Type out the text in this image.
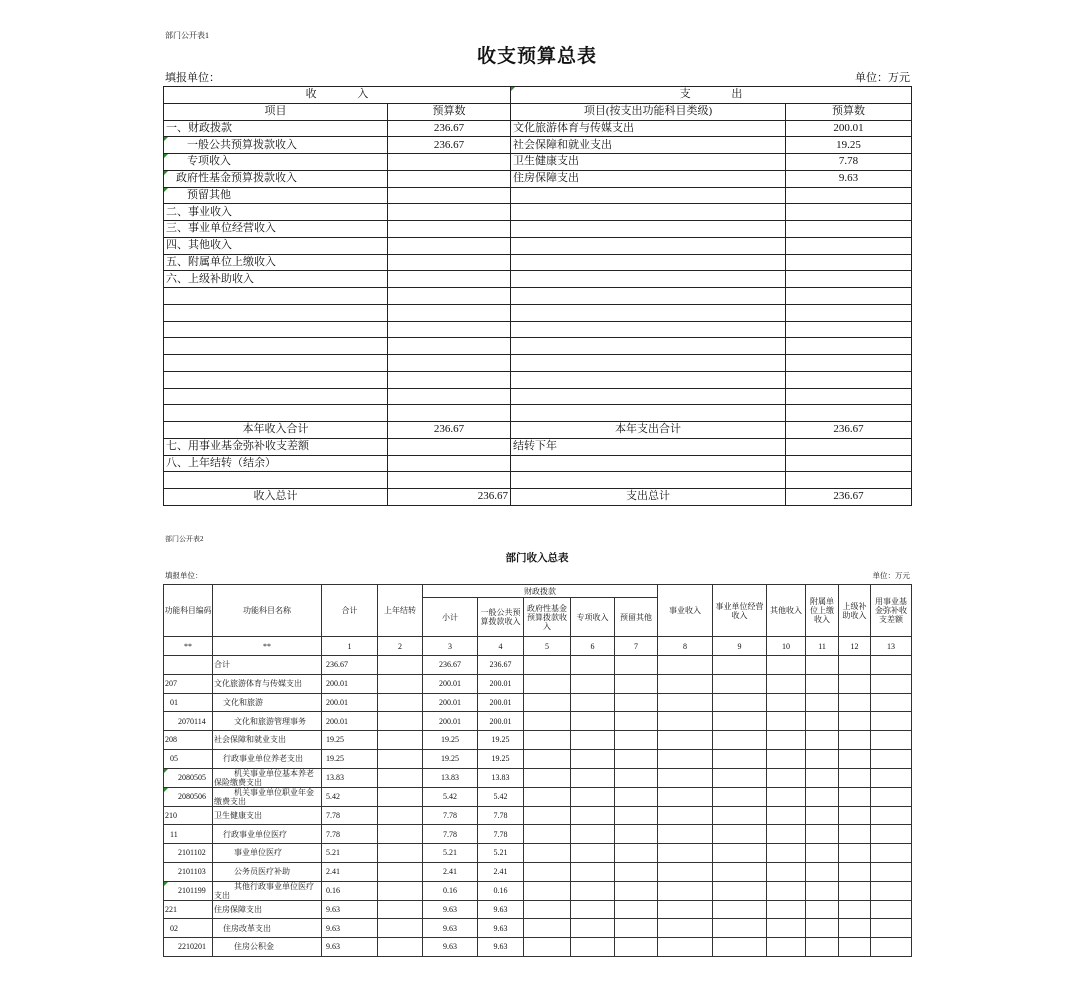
部门公开表1
收支预算总表
填报单位：	单位：万元
收 入		支 出	
项目	预算数	项目(按支出功能科目类级)	预算数
一、财政拨款	236.67	文化旅游体育与传媒支出	200.01
一般公共预算拨款收入	236.67	社会保障和就业支出	19.25
专项收入		卫生健康支出	7.78
政府性基金预算拨款收入		住房保障支出	9.63
预留其他			
二、事业收入			
三、事业单位经营收入			
四、其他收入			
五、附属单位上缴收入			
六、上级补助收入			

本年收入合计	236.67	本年支出合计	236.67
七、用事业基金弥补收支差额		结转下年	
八、上年结转（结余）			

收入总计	236.67	支出总计	236.67
部门公开表2
部门收入总表
填报单位：	单位：万元
功能科目编码	功能科目名称	合计	上年结转	财政拨款					事业收入	事业单位经营收入	其他收入	附属单位上缴收入	上级补助收入	用事业基金弥补收支差额
				小计	一般公共预算拨款收入	政府性基金预算拨款收入	专项收入	预留其他						
**	**	1	2	3	4	5	6	7	8	9	10	11	12	13
	合计	236.67		236.67	236.67									
207	文化旅游体育与传媒支出	200.01		200.01	200.01									
01	文化和旅游	200.01		200.01	200.01									
2070114	文化和旅游管理事务	200.01		200.01	200.01									
208	社会保障和就业支出	19.25		19.25	19.25									
05	行政事业单位养老支出	19.25		19.25	19.25									
2080505	机关事业单位基本养老保险缴费支出	13.83		13.83	13.83									
2080506	机关事业单位职业年金缴费支出	5.42		5.42	5.42									
210	卫生健康支出	7.78		7.78	7.78									
11	行政事业单位医疗	7.78		7.78	7.78									
2101102	事业单位医疗	5.21		5.21	5.21									
2101103	公务员医疗补助	2.41		2.41	2.41									
2101199	其他行政事业单位医疗支出	0.16		0.16	0.16									
221	住房保障支出	9.63		9.63	9.63									
02	住房改革支出	9.63		9.63	9.63									
2210201	住房公积金	9.63		9.63	9.63									
